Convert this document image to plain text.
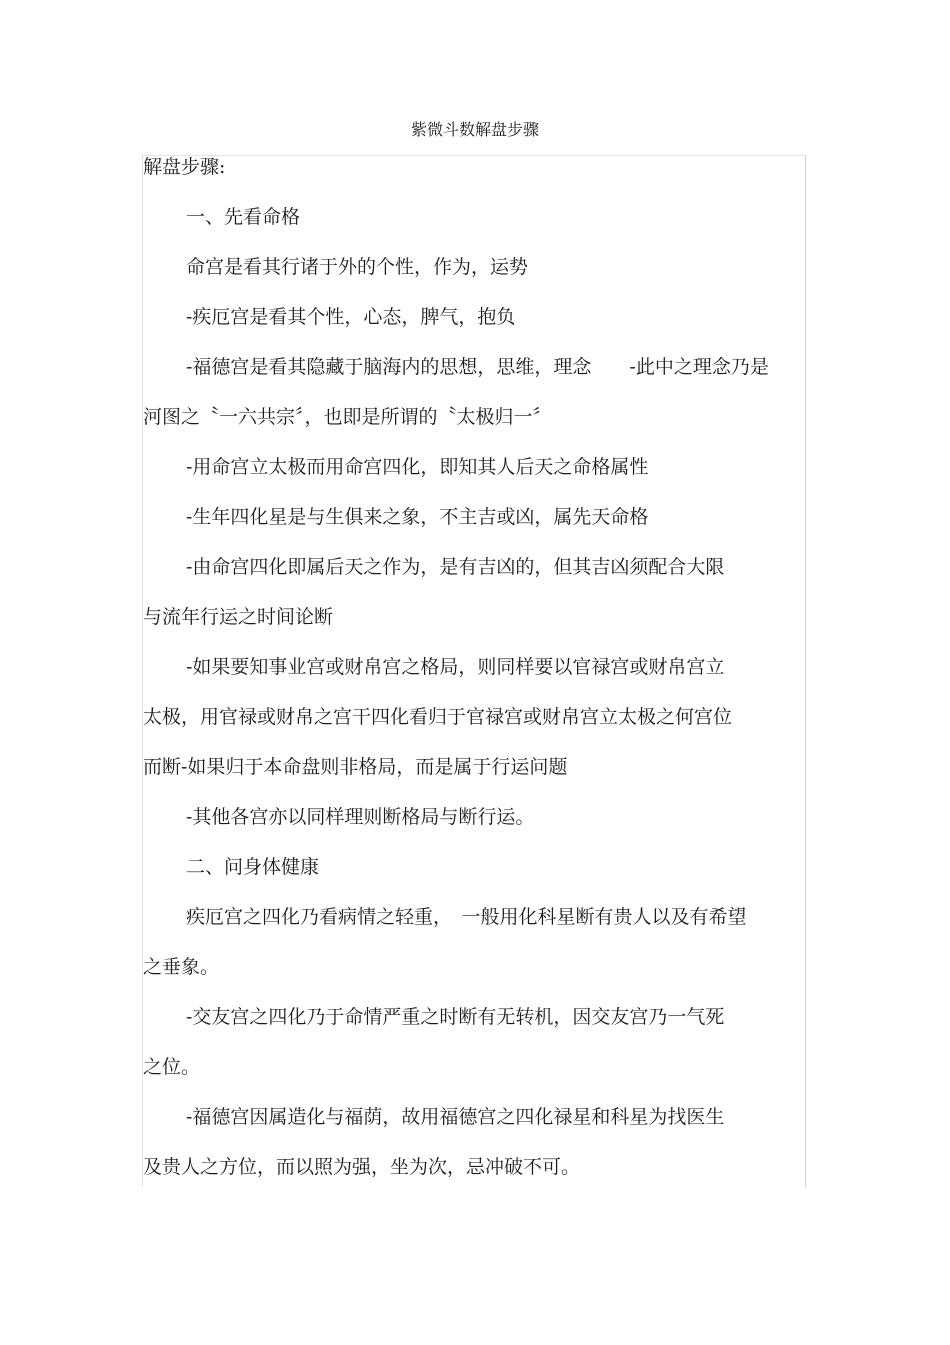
紫微斗数解盘步骤

解盘步骤:

一、先看命格

命宫是看其行诸于外的个性，作为，运势

-疾厄宫是看其个性，心态，脾气，抱负

-福德宫是看其隐藏于脑海内的思想，思维，理念　　-此中之理念乃是

河图之〝一六共宗〞，也即是所谓的〝太极归一〞

-用命宫立太极而用命宫四化，即知其人后天之命格属性

-生年四化星是与生俱来之象，不主吉或凶，属先天命格

-由命宫四化即属后天之作为，是有吉凶的，但其吉凶须配合大限

与流年行运之时间论断

-如果要知事业宫或财帛宫之格局，则同样要以官禄宫或财帛宫立

太极，用官禄或财帛之宫干四化看归于官禄宫或财帛宫立太极之何宫位

而断-如果归于本命盘则非格局，而是属于行运问题

-其他各宫亦以同样理则断格局与断行运。

二、问身体健康

疾厄宫之四化乃看病情之轻重，　一般用化科星断有贵人以及有希望

之垂象。

-交友宫之四化乃于命情严重之时断有无转机，因交友宫乃一气死

之位。

-福德宫因属造化与福荫，故用福德宫之四化禄星和科星为找医生

及贵人之方位，而以照为强，坐为次，忌冲破不可。
